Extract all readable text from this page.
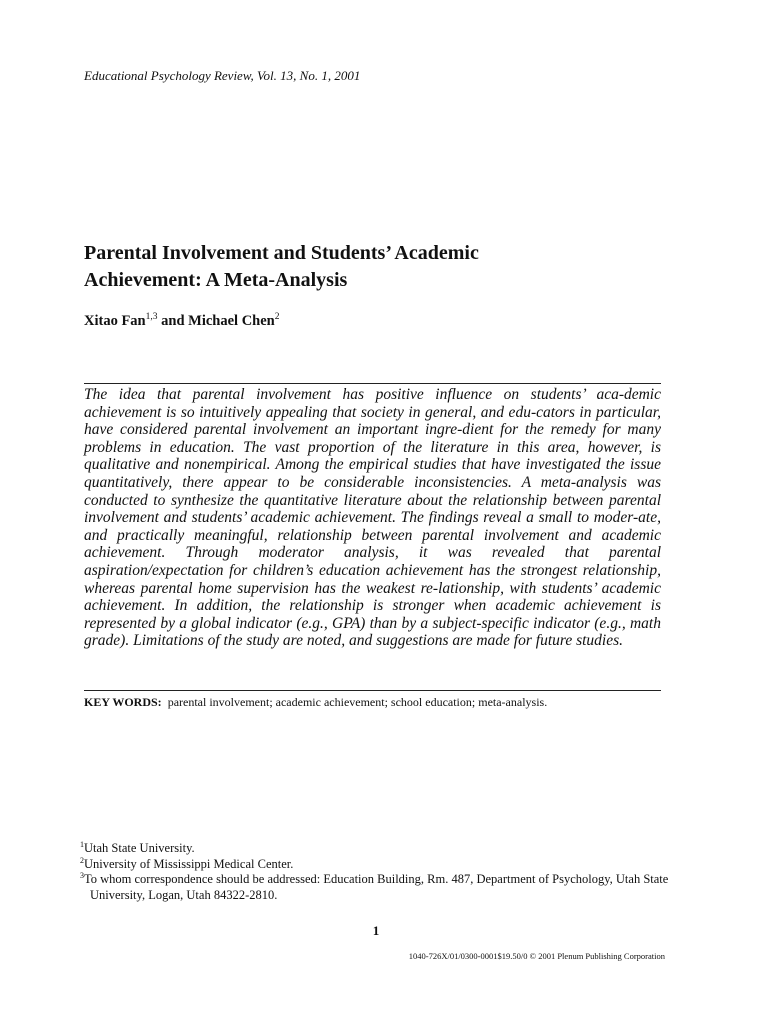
Educational Psychology Review, Vol. 13, No. 1, 2001
Parental Involvement and Students’ Academic
Achievement: A Meta-Analysis
Xitao Fan$^{1,3}$ and Michael Chen$^2$

The idea that parental involvement has positive influence on students’ aca-demic achievement is so intuitively appealing that society in general, and edu-cators in particular, have considered parental involvement an important ingre-dient for the remedy for many problems in education. The vast proportion of the literature in this area, however, is qualitative and nonempirical. Among the empirical studies that have investigated the issue quantitatively, there appear to be considerable inconsistencies. A meta-analysis was conducted to synthesize the quantitative literature about the relationship between parental involvement and students’ academic achievement. The findings reveal a small to moder-ate, and practically meaningful, relationship between parental involvement and academic achievement. Through moderator analysis, it was revealed that parental aspiration/expectation for children’s education achievement has the strongest relationship, whereas parental home supervision has the weakest re-lationship, with students’ academic achievement. In addition, the relationship is stronger when academic achievement is represented by a global indicator (e.g., GPA) than by a subject-specific indicator (e.g., math grade). Limitations of the study are noted, and suggestions are made for future studies.

KEY WORDS: parental involvement; academic achievement; school education; meta-analysis.
$^1$Utah State University.
$^2$University of Mississippi Medical Center.
$^3$To whom correspondence should be addressed: Education Building, Rm. 487, Department of Psychology, Utah State University, Logan, Utah 84322-2810.
1
1040-726X/01/0300-0001$19.50/0 © 2001 Plenum Publishing Corporation
